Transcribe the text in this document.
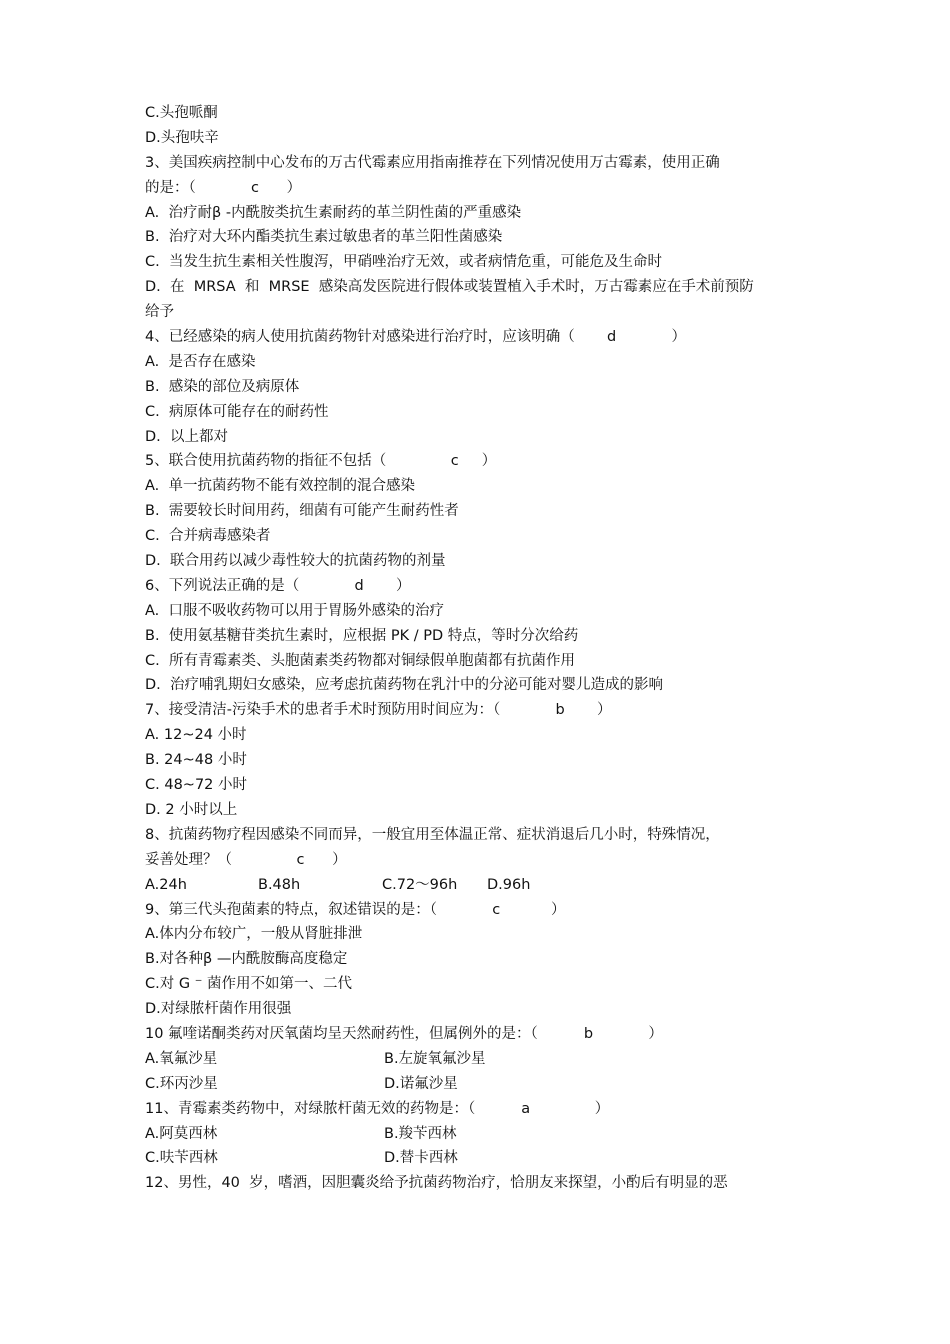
C.头孢哌酮
D.头孢呋辛
3、美国疾病控制中心发布的万古代霉素应用指南推荐在下列情况使用万古霉素，使用正确
的是：（            c      ）
A.  治疗耐β -内酰胺类抗生素耐药的革兰阴性菌的严重感染
B.  治疗对大环内酯类抗生素过敏患者的革兰阳性菌感染
C.  当发生抗生素相关性腹泻，甲硝唑治疗无效，或者病情危重，可能危及生命时
D.  在  MRSA  和  MRSE  感染高发医院进行假体或装置植入手术时，万古霉素应在手术前预防
给予
4、已经感染的病人使用抗菌药物针对感染进行治疗时，应该明确（       d            ）
A.  是否存在感染
B.  感染的部位及病原体
C.  病原体可能存在的耐药性
D.  以上都对
5、联合使用抗菌药物的指征不包括（              c     ）
A.  单一抗菌药物不能有效控制的混合感染
B.  需要较长时间用药，细菌有可能产生耐药性者
C.  合并病毒感染者
D.  联合用药以减少毒性较大的抗菌药物的剂量
6、下列说法正确的是（            d       ）
A.  口服不吸收药物可以用于胃肠外感染的治疗
B.  使用氨基糖苷类抗生素时，应根据 PK / PD 特点，等时分次给药
C.  所有青霉素类、头胞菌素类药物都对铜绿假单胞菌都有抗菌作用
D.  治疗哺乳期妇女感染，应考虑抗菌药物在乳汁中的分泌可能对婴儿造成的影响
7、接受清洁-污染手术的患者手术时预防用时间应为：（            b       ）
A. 12~24 小时
B. 24~48 小时
C. 48~72 小时
D. 2 小时以上
8、抗菌药物疗程因感染不同而异，一般宜用至体温正常、症状消退后几小时，特殊情况，
妥善处理？（              c      ）
A.24h	B.48h	C.72～96h	D.96h
9、第三代头孢菌素的特点，叙述错误的是：（            c           ）
A.体内分布较广，一般从肾脏排泄
B.对各种β —内酰胺酶高度稳定
C.对 G ⁻ 菌作用不如第一、二代
D.对绿脓杆菌作用很强
10 氟喹诺酮类药对厌氧菌均呈天然耐药性，但属例外的是：（          b            ）
A.氧氟沙星	B.左旋氧氟沙星
C.环丙沙星	D.诺氟沙星
11、青霉素类药物中，对绿脓杆菌无效的药物是：（          a              ）
A.阿莫西林	B.羧苄西林
C.呋苄西林	D.替卡西林
12、男性，40  岁，嗜酒，因胆囊炎给予抗菌药物治疗，恰朋友来探望，小酌后有明显的恶
